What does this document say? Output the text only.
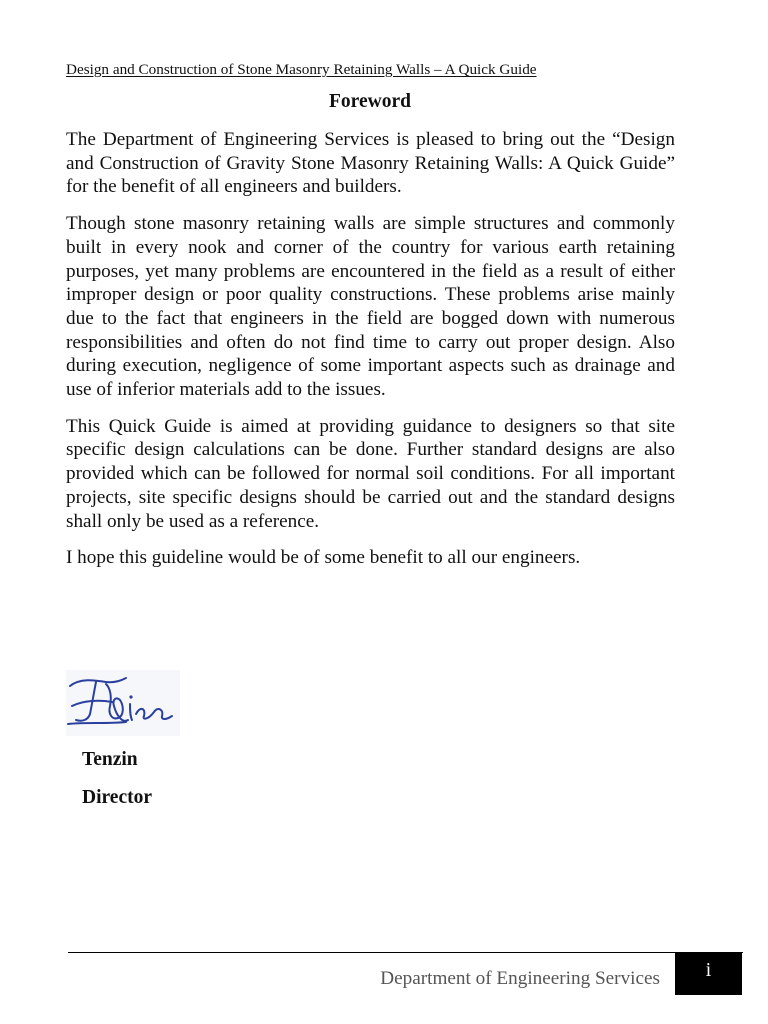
Design and Construction of Stone Masonry Retaining Walls – A Quick Guide
Foreword

The Department of Engineering Services is pleased to bring out the “Design and Construction of Gravity Stone Masonry Retaining Walls: A Quick Guide” for the benefit of all engineers and builders.

Though stone masonry retaining walls are simple structures and commonly built in every nook and corner of the country for various earth retaining purposes, yet many problems are encountered in the field as a result of either improper design or poor quality constructions. These problems arise mainly due to the fact that engineers in the field are bogged down with numerous responsibilities and often do not find time to carry out proper design. Also during execution, negligence of some important aspects such as drainage and use of inferior materials add to the issues.

This Quick Guide is aimed at providing guidance to designers so that site specific design calculations can be done. Further standard designs are also provided which can be followed for normal soil conditions. For all important projects, site specific designs should be carried out and the standard designs shall only be used as a reference.

I hope this guideline would be of some benefit to all our engineers.

Tenzin
Director
Department of Engineering Services	i
